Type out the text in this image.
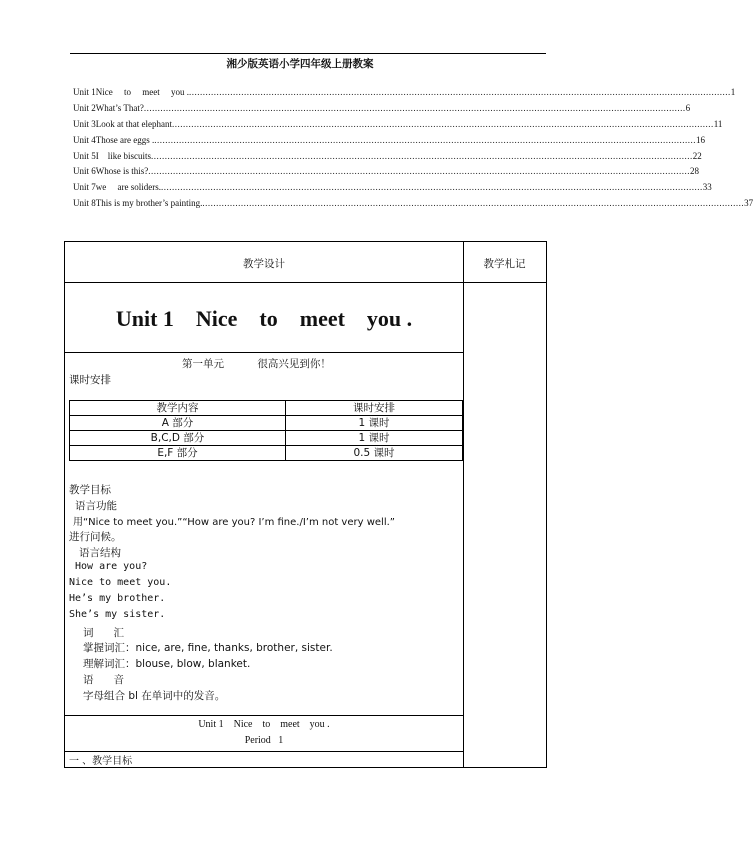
湘少版英语小学四年级上册教案
Unit 1 Nice     to     meet     you . ..................................................................................................................................................................................................... 1
Unit 2 What’s That? ..................................................................................................................................................................................................... 6
Unit 3 Look at that elephant ..................................................................................................................................................................................................... 11
Unit 4 Those are eggs . ..................................................................................................................................................................................................... 16
Unit 5 I    like biscuits ..................................................................................................................................................................................................... 22
Unit 6 Whose is this? ..................................................................................................................................................................................................... 28
Unit 7 we     are soliders. ..................................................................................................................................................................................................... 33
Unit 8 This is my brother’s painting. ..................................................................................................................................................................................................... 37
教学设计	教学札记
Unit 1    Nice    to    meet    you .
第一单元          很高兴见到你！
课时安排
教学内容	课时安排
A 部分	1 课时
B,C,D 部分	1 课时
E,F 部分	0.5 课时
教学目标
语言功能
用“Nice to meet you.”“How are you? I’m fine./I’m not very well.”
进行问候。
语言结构
How are you?
Nice to meet you.
He’s my brother.
She’s my sister.
词      汇
掌握词汇：nice, are, fine, thanks, brother, sister.
理解词汇：blouse, blow, blanket.
语      音
字母组合 bl 在单词中的发音。
Unit 1    Nice    to    meet    you .
Period   1
一 、教学目标
